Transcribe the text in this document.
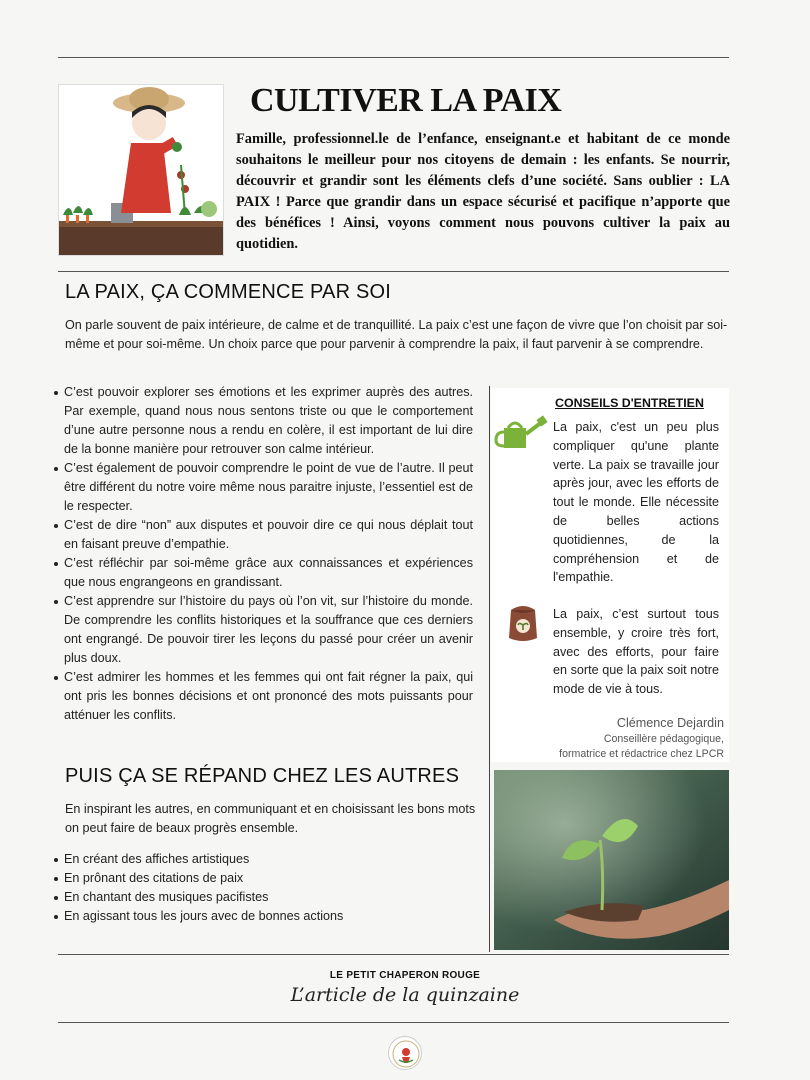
CULTIVER LA PAIX
Famille, professionnel.le de l’enfance, enseignant.e et habitant de ce monde souhaitons le meilleur pour nos citoyens de demain : les enfants. Se nourrir, découvrir et grandir sont les éléments clefs d’une société. Sans oublier : LA PAIX ! Parce que grandir dans un espace sécurisé et pacifique n’apporte que des bénéfices ! Ainsi, voyons comment nous pouvons cultiver la paix au quotidien.
LA PAIX, ÇA COMMENCE PAR SOI
On parle souvent de paix intérieure, de calme et de tranquillité. La paix c’est une façon de vivre que l’on choisit par soi-même et pour soi-même. Un choix parce que pour parvenir à comprendre la paix, il faut parvenir à se comprendre.
C’est pouvoir explorer ses émotions et les exprimer auprès des autres. Par exemple, quand nous nous sentons triste ou que le comportement d’une autre personne nous a rendu en colère, il est important de lui dire de la bonne manière pour retrouver son calme intérieur.
C’est également de pouvoir comprendre le point de vue de l’autre. Il peut être différent du notre voire même nous paraitre injuste, l’essentiel est de le respecter.
C’est de dire “non” aux disputes et pouvoir dire ce qui nous déplait tout en faisant preuve d’empathie.
C’est réfléchir par soi-même grâce aux connaissances et expériences que nous engrangeons en grandissant.
C’est apprendre sur l’histoire du pays où l’on vit, sur l’histoire du monde. De comprendre les conflits historiques et la souffrance que ces derniers ont engrangé. De pouvoir tirer les leçons du passé pour créer un avenir plus doux.
C’est admirer les hommes et les femmes qui ont fait régner la paix, qui ont pris les bonnes décisions et ont prononcé des mots puissants pour atténuer les conflits.
CONSEILS D'ENTRETIEN
La paix, c'est un peu plus compliquer qu'une plante verte. La paix se travaille jour après jour, avec les efforts de tout le monde. Elle nécessite de belles actions quotidiennes, de la compréhension et de l'empathie.
La paix, c’est surtout tous ensemble, y croire très fort, avec des efforts, pour faire en sorte que la paix soit notre mode de vie à tous.
Clémence Dejardin
Conseillère pédagogique,
formatrice et rédactrice chez LPCR
PUIS ÇA SE RÉPAND CHEZ LES AUTRES
En inspirant les autres, en communiquant et en choisissant les bons mots on peut faire de beaux progrès ensemble.
En créant des affiches artistiques
En prônant des citations de paix
En chantant des musiques pacifistes
En agissant tous les jours avec de bonnes actions
LE PETIT CHAPERON ROUGE
L’article de la quinzaine
